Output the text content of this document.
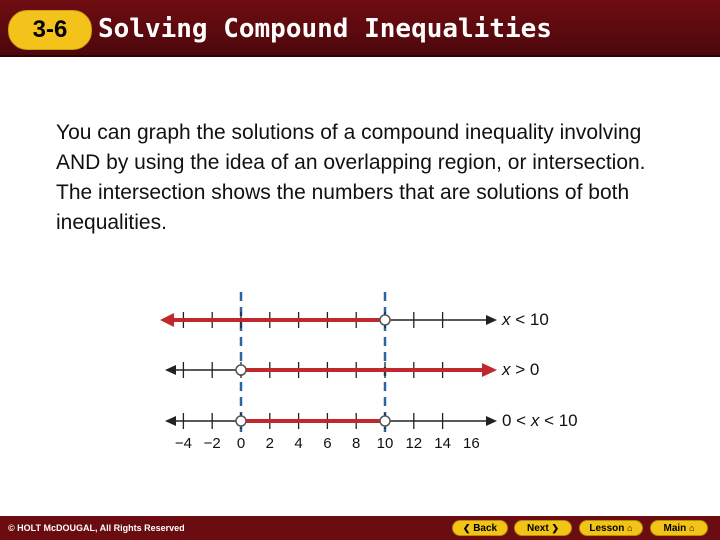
3-6	Solving Compound Inequalities
You can graph the solutions of a compound inequality involving AND by using the idea of an overlapping region, or intersection. The intersection shows the numbers that are solutions of both inequalities.
x < 10
x > 0
0 < x < 10
−4 −2 0 2 4 6 8 10 12 14 16
© HOLT McDOUGAL, All Rights Reserved	❮ Back	Next ❯	Lesson ⌂	Main ⌂
